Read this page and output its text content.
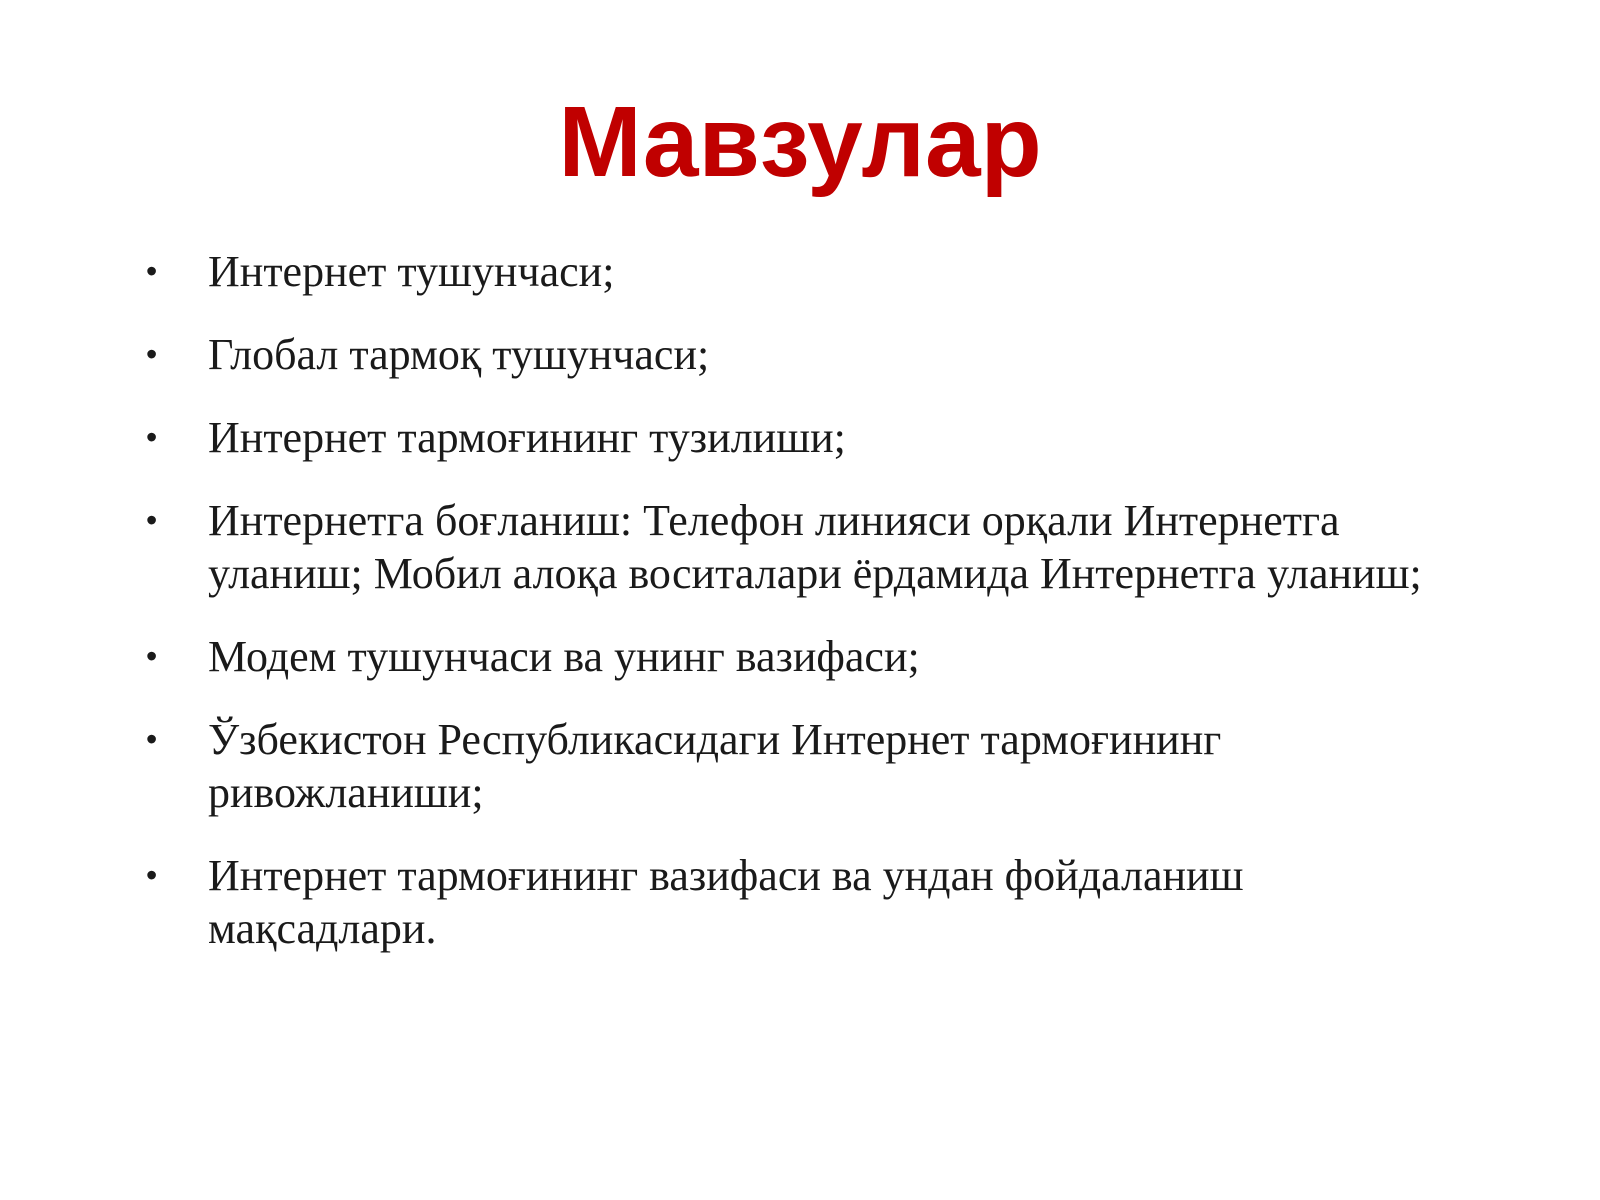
Мавзулар
• Интернет тушунчаси;
• Глобал тармоқ тушунчаси;
• Интернет тармоғининг тузилиши;
• Интернетга боғланиш: Телефон линияси орқали Интернетга уланиш; Мобил алоқа воситалари ёрдамида Интернетга уланиш;
• Модем тушунчаси ва унинг вазифаси;
• Ўзбекистон Республикасидаги Интернет тармоғининг ривожланиши;
• Интернет тармоғининг вазифаси ва ундан фойдаланиш мақсадлари.
